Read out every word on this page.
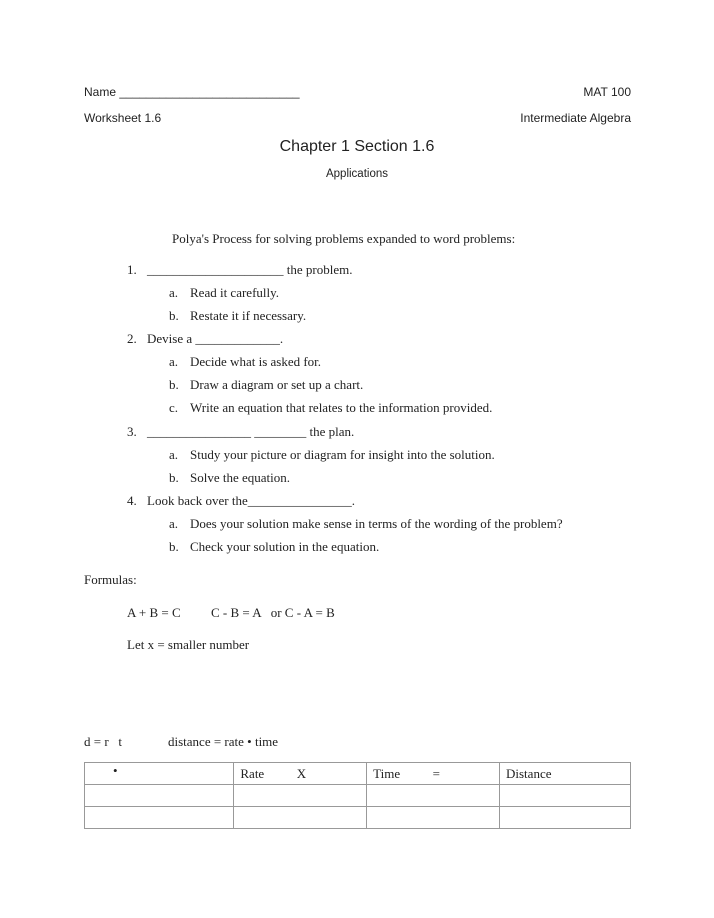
Name ___________________________	MAT 100
Worksheet 1.6	Intermediate Algebra
Chapter 1 Section 1.6
Applications
Polya's Process for solving problems expanded to word problems:
1. _____________________ the problem.
a. Read it carefully.
b. Restate it if necessary.
2. Devise a _____________.
a. Decide what is asked for.
b. Draw a diagram or set up a chart.
c. Write an equation that relates to the information provided.
3. ________________ ________ the plan.
a. Study your picture or diagram for insight into the solution.
b. Solve the equation.
4. Look back over the________________.
a. Does your solution make sense in terms of the wording of the problem?
b. Check your solution in the equation.
Formulas:
A + B = C C - B = A   or C - A = B
Let x = smaller number
d = r   t	distance = rate • time
•	Rate          X	Time          =	Distance
